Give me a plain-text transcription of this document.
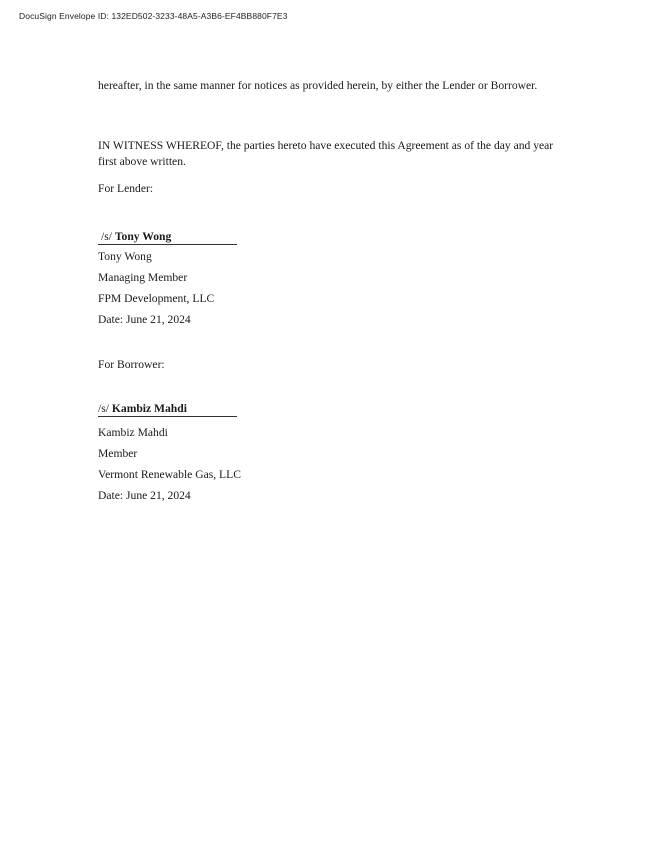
DocuSign Envelope ID: 132ED502-3233-48A5-A3B6-EF4BB880F7E3

hereafter, in the same manner for notices as provided herein, by either the Lender or Borrower.

IN WITNESS WHEREOF, the parties hereto have executed this Agreement as of the day and year first above written.

For Lender:
/s/ Tony Wong
Tony Wong
Managing Member
FPM Development, LLC
Date: June 21, 2024
For Borrower:
/s/ Kambiz Mahdi
Kambiz Mahdi
Member
Vermont Renewable Gas, LLC
Date: June 21, 2024
